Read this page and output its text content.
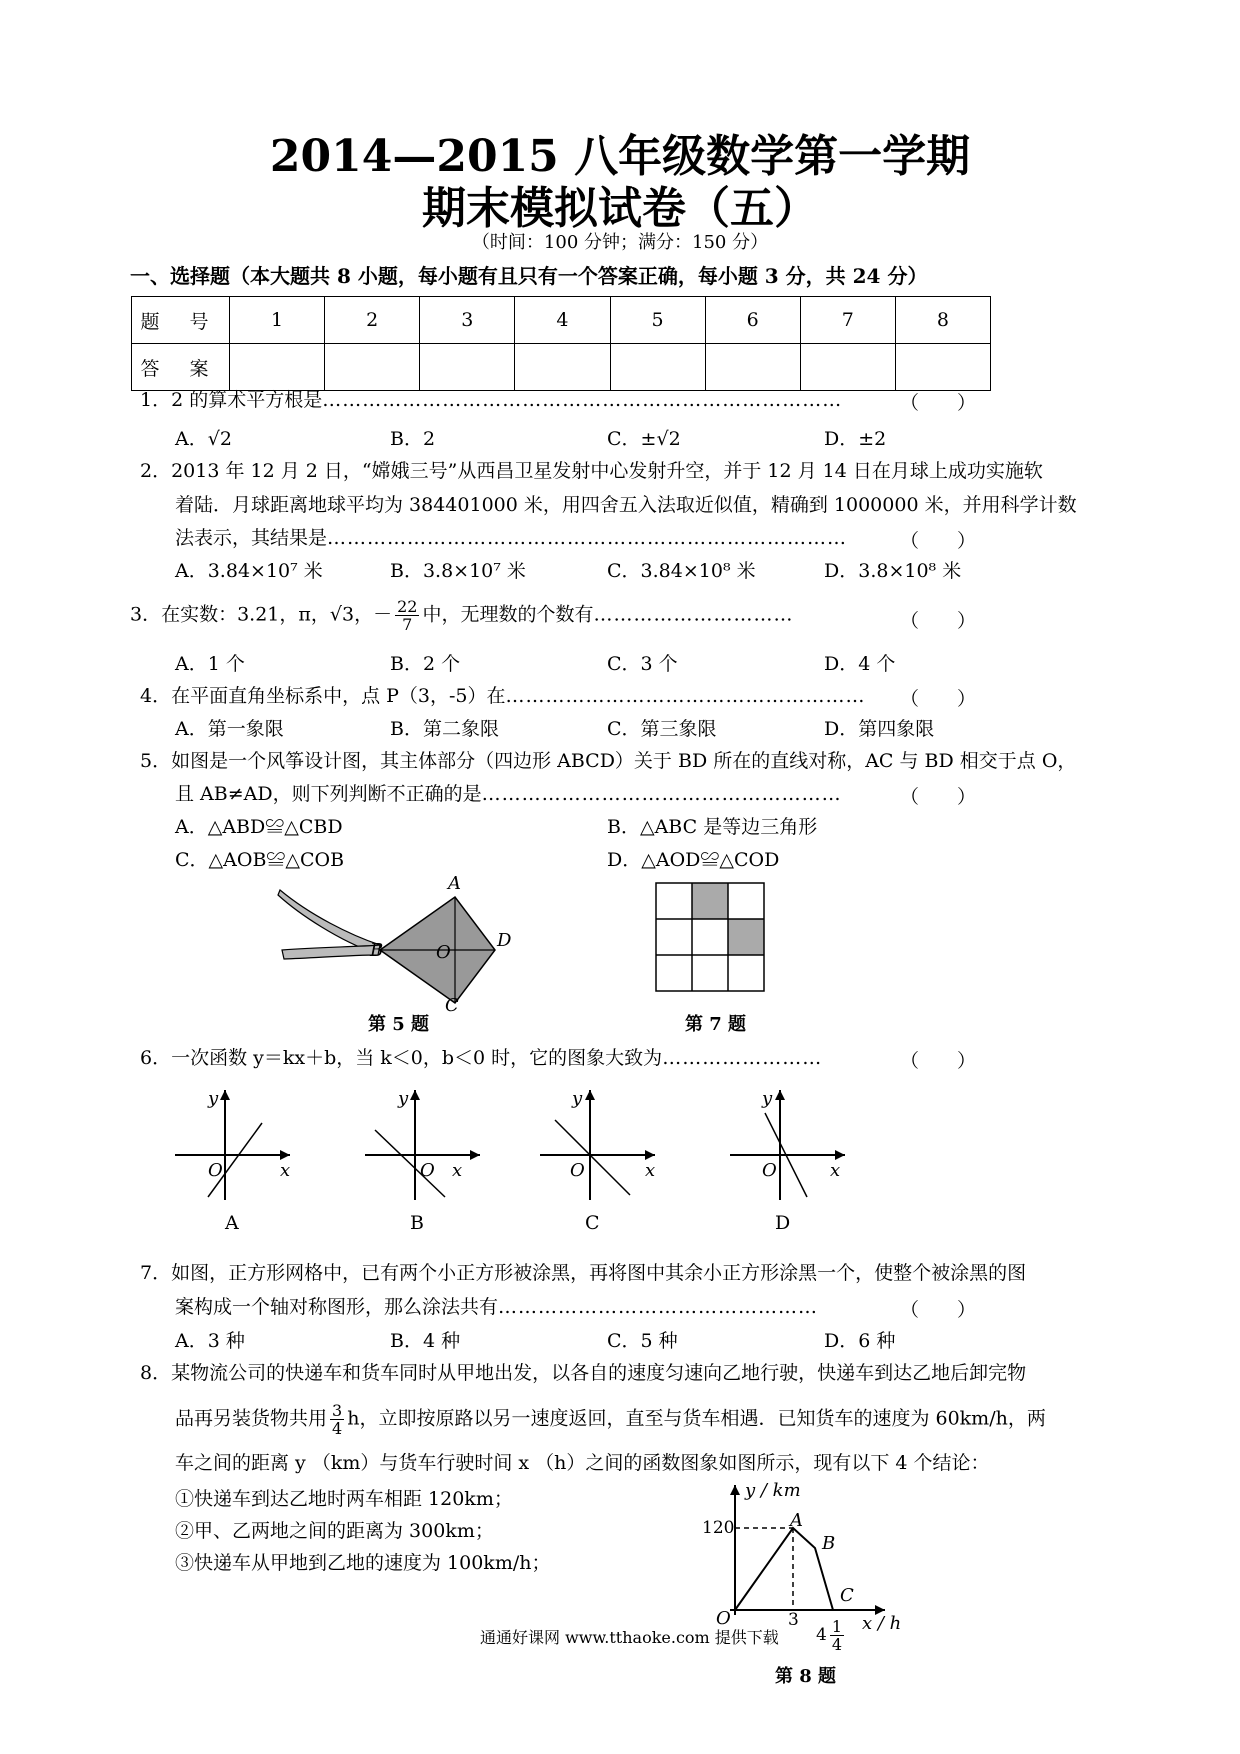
2014—2015 八年级数学第一学期
期末模拟试卷（五）
（时间：100 分钟；满分：150 分）
一、选择题（本大题共 8 小题，每小题有且只有一个答案正确，每小题 3 分，共 24 分）
题 号	1	2	3	4	5	6	7	8
答 案								
1．2 的算术平方根是……………………………………………………………………	（　　）
A．√2	B．2	C．±√2	D．±2
2．2013 年 12 月 2 日，“嫦娥三号”从西昌卫星发射中心发射升空，并于 12 月 14 日在月球上成功实施软
着陆．月球距离地球平均为 384401000 米，用四舍五入法取近似值，精确到 1000000 米，并用科学计数
法表示，其结果是……………………………………………………………………	（　　）
A．3.84×10⁷ 米	B．3.8×10⁷ 米	C．3.84×10⁸ 米	D．3.8×10⁸ 米
3．在实数：3.21，π，√3，－ $\frac{22}{7}$ 中，无理数的个数有…………………………	（　　）
A．1 个	B．2 个	C．3 个	D．4 个
4．在平面直角坐标系中，点 P（3，-5）在………………………………………………	（　　）
A．第一象限	B．第二象限	C．第三象限	D．第四象限
5．如图是一个风筝设计图，其主体部分（四边形 ABCD）关于 BD 所在的直线对称，AC 与 BD 相交于点 O，
且 AB≠AD，则下列判断不正确的是………………………………………………	（　　）
A．△ABD≌△CBD	B．△ABC 是等边三角形
C．△AOB≌△COB	D．△AOD≌△COD
A
B
C
D
O
第 5 题	第 7 题
6．一次函数 y＝kx＋b，当 k＜0，b＜0 时，它的图象大致为……………………	（　　）
y
O	x
y
O x
y
O	x
y
O	x
A	B	C	D
7．如图，正方形网格中，已有两个小正方形被涂黑，再将图中其余小正方形涂黑一个，使整个被涂黑的图
案构成一个轴对称图形，那么涂法共有…………………………………………	（　　）
A．3 种	B．4 种	C．5 种	D．6 种
8．某物流公司的快递车和货车同时从甲地出发，以各自的速度匀速向乙地行驶，快递车到达乙地后卸完物
品再另装货物共用 $\frac{3}{4}$ h，立即按原路以另一速度返回，直至与货车相遇．已知货车的速度为 60km/h，两
车之间的距离 y （km）与货车行驶时间 x （h）之间的函数图象如图所示，现有以下 4 个结论：
①快递车到达乙地时两车相距 120km；
②甲、乙两地之间的距离为 300km；
③快递车从甲地到乙地的速度为 100km/h；
y / km
120	A
B
C
O	3
$4 \frac{1}{4}$ x / h
第 8 题
通通好课网 www.tthaoke.com 提供下载
